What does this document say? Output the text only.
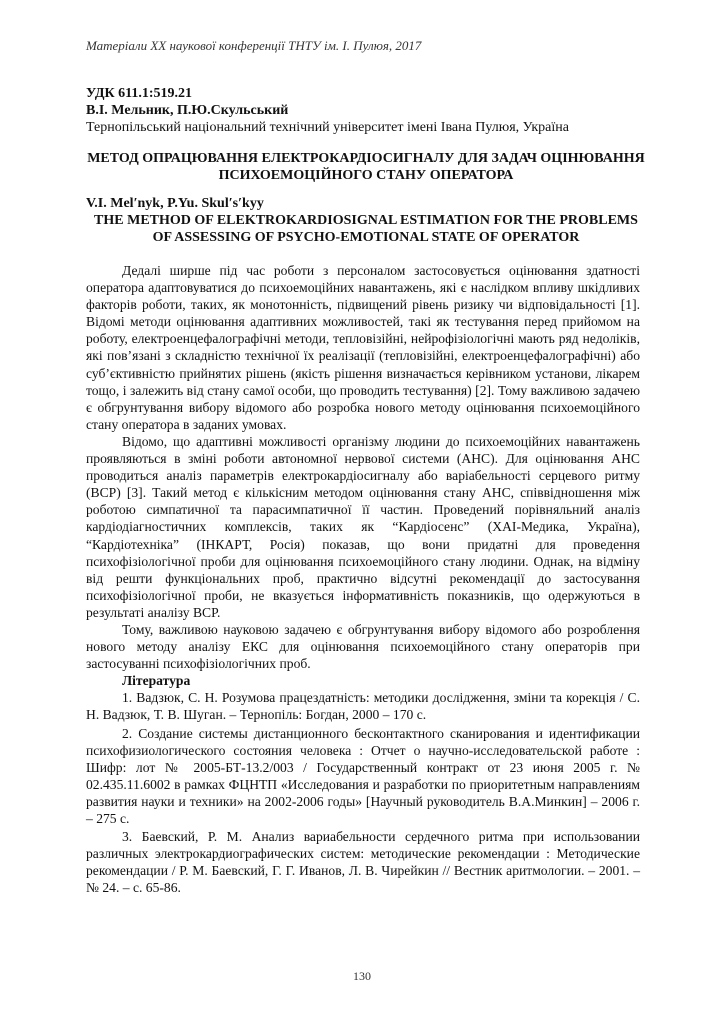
Матеріали XX наукової конференції ТНТУ ім. І. Пулюя, 2017
УДК 611.1:519.21
В.І. Мельник, П.Ю.Скульський
Тернопільський національний технічний університет імені Івана Пулюя, Україна
МЕТОД ОПРАЦЮВАННЯ ЕЛЕКТРОКАРДІОСИГНАЛУ ДЛЯ ЗАДАЧ ОЦІНЮВАННЯ ПСИХОЕМОЦІЙНОГО СТАНУ ОПЕРАТОРА
V.I. Mel′nyk, P.Yu. Skul′s′kyy
THE METHOD OF ELEKTROKARDIOSIGNAL ESTIMATION FOR THE PROBLEMS OF ASSESSING OF PSYCHO-EMOTIONAL STATE OF OPERATOR

Дедалі ширше під час роботи з персоналом застосовується оцінювання здатності оператора адаптовуватися до психоемоційних навантажень, які є наслідком впливу шкідливих факторів роботи, таких, як монотонність, підвищений рівень ризику чи відповідальності [1]. Відомі методи оцінювання адаптивних можливостей, такі як тестування перед прийомом на роботу, електроенцефалографічні методи, тепловізійні, нейрофізіологічні мають ряд недоліків, які пов’язані з складністю технічної їх реалізації (тепловізійні, електроенцефалографічні) або суб’єктивністю прийнятих рішень (якість рішення визначається керівником установи, лікарем тощо, і залежить від стану самої особи, що проводить тестування) [2]. Тому важливою задачею є обгрунтування вибору відомого або розробка нового методу оцінювання психоемоційного стану оператора в заданих умовах.

Відомо, що адаптивні можливості організму людини до психоемоційних навантажень проявляються в зміні роботи автономної нервової системи (АНС). Для оцінювання АНС проводиться аналіз параметрів електрокардіосигналу або варіабельності серцевого ритму (ВСР) [3]. Такий метод є кількісним методом оцінювання стану АНС, співвідношення між роботою симпатичної та парасимпатичної її частин. Проведений порівняльний аналіз кардіодіагностичних комплексів, таких як “Кардіосенс” (ХАІ-Медика, Україна), “Кардіотехніка” (ІНКАРТ, Росія) показав, що вони придатні для проведення психофізіологічної проби для оцінювання психоемоційного стану людини. Однак, на відміну від решти функціональних проб, практично відсутні рекомендації до застосування психофізіологічної проби, не вказується інформативність показників, що одержуються в результаті аналізу ВСР.

Тому, важливою науковою задачею є обгрунтування вибору відомого або розроблення нового методу аналізу ЕКС для оцінювання психоемоційного стану операторів при застосуванні психофізіологічних проб.

Література

1. Вадзюк, С. Н. Розумова працездатність: методики дослідження, зміни та корекція / С. Н. Вадзюк, Т. В. Шуган. – Тернопіль: Богдан, 2000 – 170 с.

2. Создание системы дистанционного бесконтактного сканирования и идентификации психофизиологического состояния человека : Отчет о научно-исследовательской работе : Шифр: лот № 2005-БТ-13.2/003 / Государственный контракт от 23 июня 2005 г. № 02.435.11.6002 в рамках ФЦНТП «Исследования и разработки по приоритетным направлениям развития науки и техники» на 2002-2006 годы» [Научный руководитель В.А.Минкин] – 2006 г. – 275 с.

3. Баевский, Р. М. Анализ вариабельности сердечного ритма при использовании различных электрокардиографических систем: методические рекомендации : Методические рекомендации / Р. М. Баевский, Г. Г. Иванов, Л. В. Чирейкин // Вестник аритмологии. – 2001. – № 24. – с. 65-86.

130
